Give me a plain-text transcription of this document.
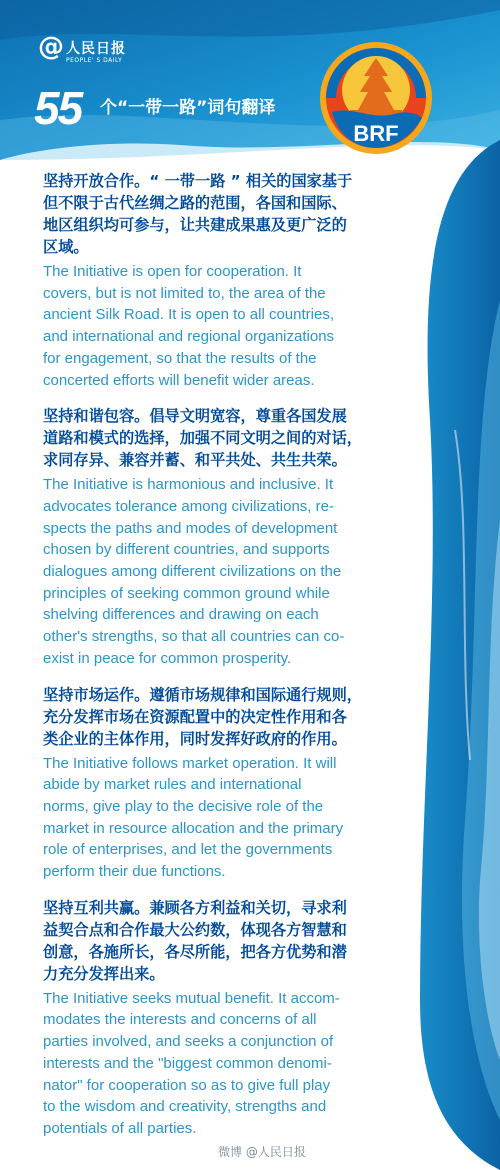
@ 人民日报
PEOPLE' S DAILY
55 个“一带一路”词句翻译
BRF

坚持开放合作。“ 一带一路 ” 相关的国家基于

但不限于古代丝绸之路的范围，各国和国际、

地区组织均可参与，让共建成果惠及更广泛的

区域。

The Initiative is open for cooperation. It

covers, but is not limited to, the area of the

ancient Silk Road. It is open to all countries,

and international and regional organizations

for engagement, so that the results of the

concerted efforts will benefit wider areas.

坚持和谐包容。倡导文明宽容，尊重各国发展

道路和模式的选择，加强不同文明之间的对话，

求同存异、兼容并蓄、和平共处、共生共荣。

The Initiative is harmonious and inclusive. It

advocates tolerance among civilizations, re-

spects the paths and modes of development

chosen by different countries, and supports

dialogues among different civilizations on the

principles of seeking common ground while

shelving differences and drawing on each

other's strengths, so that all countries can co-

exist in peace for common prosperity.

坚持市场运作。遵循市场规律和国际通行规则，

充分发挥市场在资源配置中的决定性作用和各

类企业的主体作用，同时发挥好政府的作用。

The Initiative follows market operation. It will

abide by market rules and international

norms, give play to the decisive role of the

market in resource allocation and the primary

role of enterprises, and let the governments

perform their due functions.

坚持互利共赢。兼顾各方利益和关切，寻求利

益契合点和合作最大公约数，体现各方智慧和

创意，各施所长，各尽所能，把各方优势和潜

力充分发挥出来。

The Initiative seeks mutual benefit. It accom-

modates the interests and concerns of all

parties involved, and seeks a conjunction of

interests and the "biggest common denomi-

nator" for cooperation so as to give full play

to the wisdom and creativity, strengths and

potentials of all parties.

微博 @人民日报
